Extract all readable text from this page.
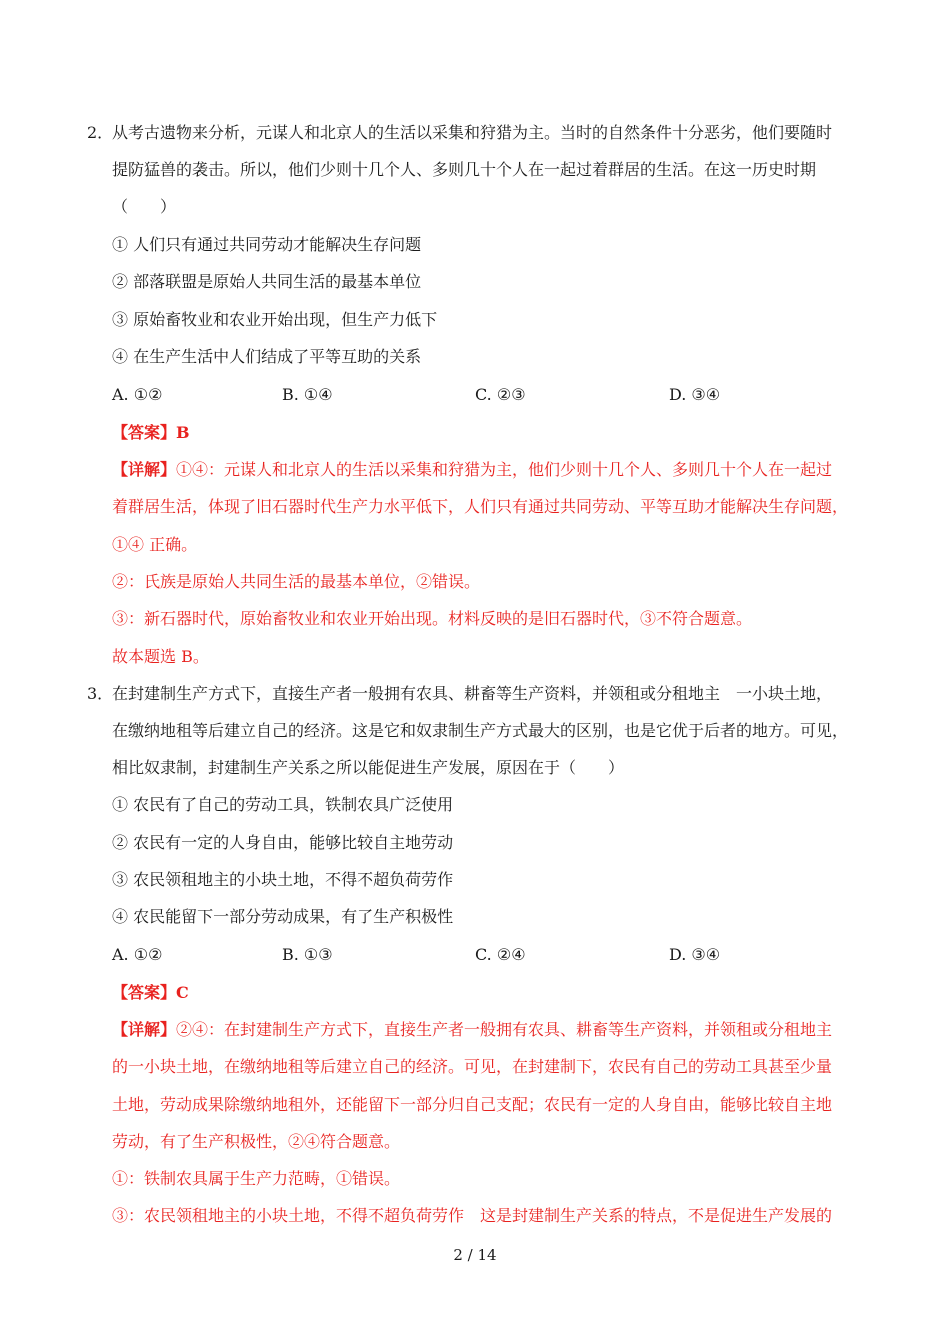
2．从考古遗物来分析，元谋人和北京人的生活以采集和狩猎为主。当时的自然条件十分恶劣，他们要随时
提防猛兽的袭击。所以，他们少则十几个人、多则几十个人在一起过着群居的生活。在这一历史时期
（　　）
① 人们只有通过共同劳动才能解决生存问题
② 部落联盟是原始人共同生活的最基本单位
③ 原始畜牧业和农业开始出现，但生产力低下
④ 在生产生活中人们结成了平等互助的关系
A. ①②	B. ①④	C. ②③	D. ③④
【答案】B
【详解】①④：元谋人和北京人的生活以采集和狩猎为主，他们少则十几个人、多则几十个人在一起过
着群居生活，体现了旧石器时代生产力水平低下，人们只有通过共同劳动、平等互助才能解决生存问题，
①④ 正确。
②：氏族是原始人共同生活的最基本单位，②错误。
③：新石器时代，原始畜牧业和农业开始出现。材料反映的是旧石器时代，③不符合题意。
故本题选 B。
3．在封建制生产方式下，直接生产者一般拥有农具、耕畜等生产资料，并领租或分租地主　一小块土地，
在缴纳地租等后建立自己的经济。这是它和奴隶制生产方式最大的区别，也是它优于后者的地方。可见，
相比奴隶制，封建制生产关系之所以能促进生产发展，原因在于（　　）
① 农民有了自己的劳动工具，铁制农具广泛使用
② 农民有一定的人身自由，能够比较自主地劳动
③ 农民领租地主的小块土地，不得不超负荷劳作
④ 农民能留下一部分劳动成果，有了生产积极性
A. ①②	B. ①③	C. ②④	D. ③④
【答案】C
【详解】②④：在封建制生产方式下，直接生产者一般拥有农具、耕畜等生产资料，并领租或分租地主
的一小块土地，在缴纳地租等后建立自己的经济。可见，在封建制下，农民有自己的劳动工具甚至少量
土地，劳动成果除缴纳地租外，还能留下一部分归自己支配；农民有一定的人身自由，能够比较自主地
劳动，有了生产积极性，②④符合题意。
①：铁制农具属于生产力范畴，①错误。
③：农民领租地主的小块土地，不得不超负荷劳作　这是封建制生产关系的特点，不是促进生产发展的
2 / 14
